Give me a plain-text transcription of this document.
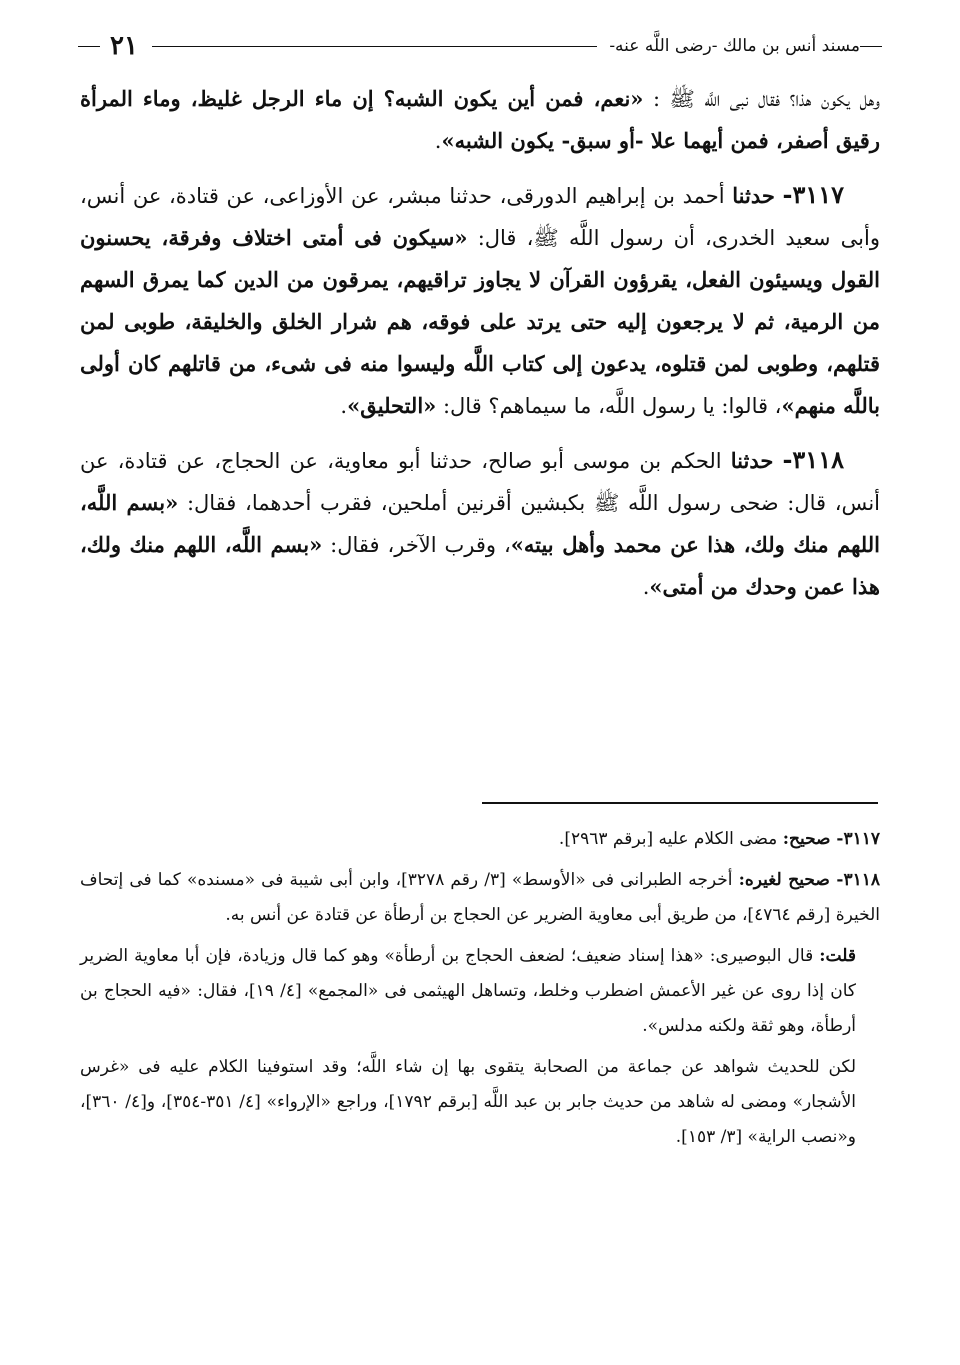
مسند أنس بن مالك -رضى اللَّه عنه-
٢١

وهل يكون هذا؟ فقال نبى اللَّه ﷺ : «نعم، فمن أين يكون الشبه؟ إن ماء الرجل غليظ، وماء المرأة رقيق أصفر، فمن أيهما علا -أو سبق- يكون الشبه».

٣١١٧- حدثنا أحمد بن إبراهيم الدورقى، حدثنا مبشر، عن الأوزاعى، عن قتادة، عن أنس، وأبى سعيد الخدرى، أن رسول اللَّه ﷺ، قال: «سيكون فى أمتى اختلاف وفرقة، يحسنون القول ويسيئون الفعل، يقرؤون القرآن لا يجاوز تراقيهم، يمرقون من الدين كما يمرق السهم من الرمية، ثم لا يرجعون إليه حتى يرتد على فوقه، هم شرار الخلق والخليقة، طوبى لمن قتلهم، وطوبى لمن قتلوه، يدعون إلى كتاب اللَّه وليسوا منه فى شىء، من قاتلهم كان أولى باللَّه منهم»، قالوا: يا رسول اللَّه، ما سيماهم؟ قال: «التحليق».

٣١١٨- حدثنا الحكم بن موسى أبو صالح، حدثنا أبو معاوية، عن الحجاج، عن قتادة، عن أنس، قال: ضحى رسول اللَّه ﷺ بكبشين أقرنين أملحين، فقرب أحدهما، فقال: «بسم اللَّه، اللهم منك ولك، هذا عن محمد وأهل بيته»، وقرب الآخر، فقال: «بسم اللَّه، اللهم منك ولك، هذا عمن وحدك من أمتى».

٣١١٧- صحيح: مضى الكلام عليه [برقم ٢٩٦٣].

٣١١٨- صحيح لغيره: أخرجه الطبرانى فى «الأوسط» [٣/ رقم ٣٢٧٨]، وابن أبى شيبة فى «مسنده» كما فى إتحاف الخيرة [رقم ٤٧٦٤]، من طريق أبى معاوية الضرير عن الحجاج بن أرطأة عن قتادة عن أنس به.

قلت: قال البوصيرى: «هذا إسناد ضعيف؛ لضعف الحجاج بن أرطأة» وهو كما قال وزيادة، فإن أبا معاوية الضرير كان إذا روى عن غير الأعمش اضطرب وخلط، وتساهل الهيثمى فى «المجمع» [٤/ ١٩]، فقال: «فيه الحجاج بن أرطأة، وهو ثقة ولكنه مدلس».

لكن للحديث شواهد عن جماعة من الصحابة يتقوى بها إن شاء اللَّه؛ وقد استوفينا الكلام عليه فى «غرس الأشجار» ومضى له شاهد من حديث جابر بن عبد اللَّه [برقم ١٧٩٢]، وراجع «الإرواء» [٤/ ٣٥١-٣٥٤]، و[٤/ ٣٦٠]، و«نصب الراية» [٣/ ١٥٣].
